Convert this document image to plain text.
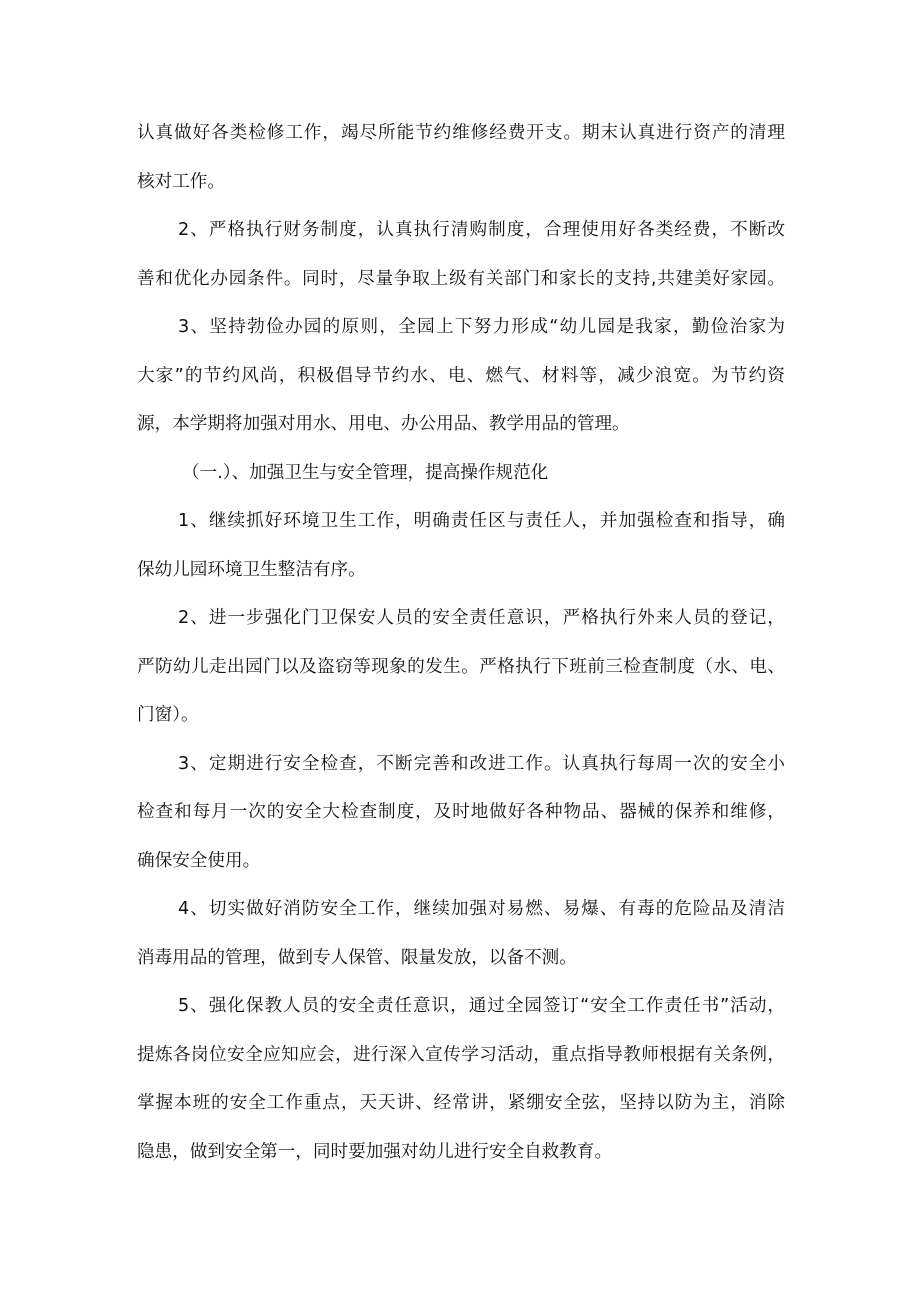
认真做好各类检修工作，竭尽所能节约维修经费开支。期末认真进行资产的清理
核对工作。
2、严格执行财务制度，认真执行清购制度，合理使用好各类经费，不断改
善和优化办园条件。同时，尽量争取上级有关部门和家长的支持,共建美好家园。
3、坚持勃俭办园的原则，全园上下努力形成“幼儿园是我家，勤俭治家为
大家”的节约风尚，积极倡导节约水、电、燃气、材料等，减少浪宽。为节约资
源，本学期将加强对用水、用电、办公用品、教学用品的管理。
（一.）、加强卫生与安全管理，提高操作规范化
1、继续抓好环境卫生工作，明确责任区与责任人，并加强检查和指导，确
保幼儿园环境卫生整洁有序。
2、进一步强化门卫保安人员的安全责任意识，严格执行外来人员的登记，
严防幼儿走出园门以及盗窃等现象的发生。严格执行下班前三检查制度（水、电、
门窗）。
3、定期进行安全检查，不断完善和改进工作。认真执行每周一次的安全小
检查和每月一次的安全大检查制度，及时地做好各种物品、器械的保养和维修，
确保安全使用。
4、切实做好消防安全工作，继续加强对易燃、易爆、有毒的危险品及清洁
消毒用品的管理，做到专人保管、限量发放，以备不测。
5、强化保教人员的安全责任意识，通过全园签订“安全工作责任书”活动，
提炼各岗位安全应知应会，进行深入宣传学习活动，重点指导教师根据有关条例，
掌握本班的安全工作重点，天天讲、经常讲，紧绷安全弦，坚持以防为主，消除
隐患，做到安全第一，同时要加强对幼儿进行安全自救教育。
